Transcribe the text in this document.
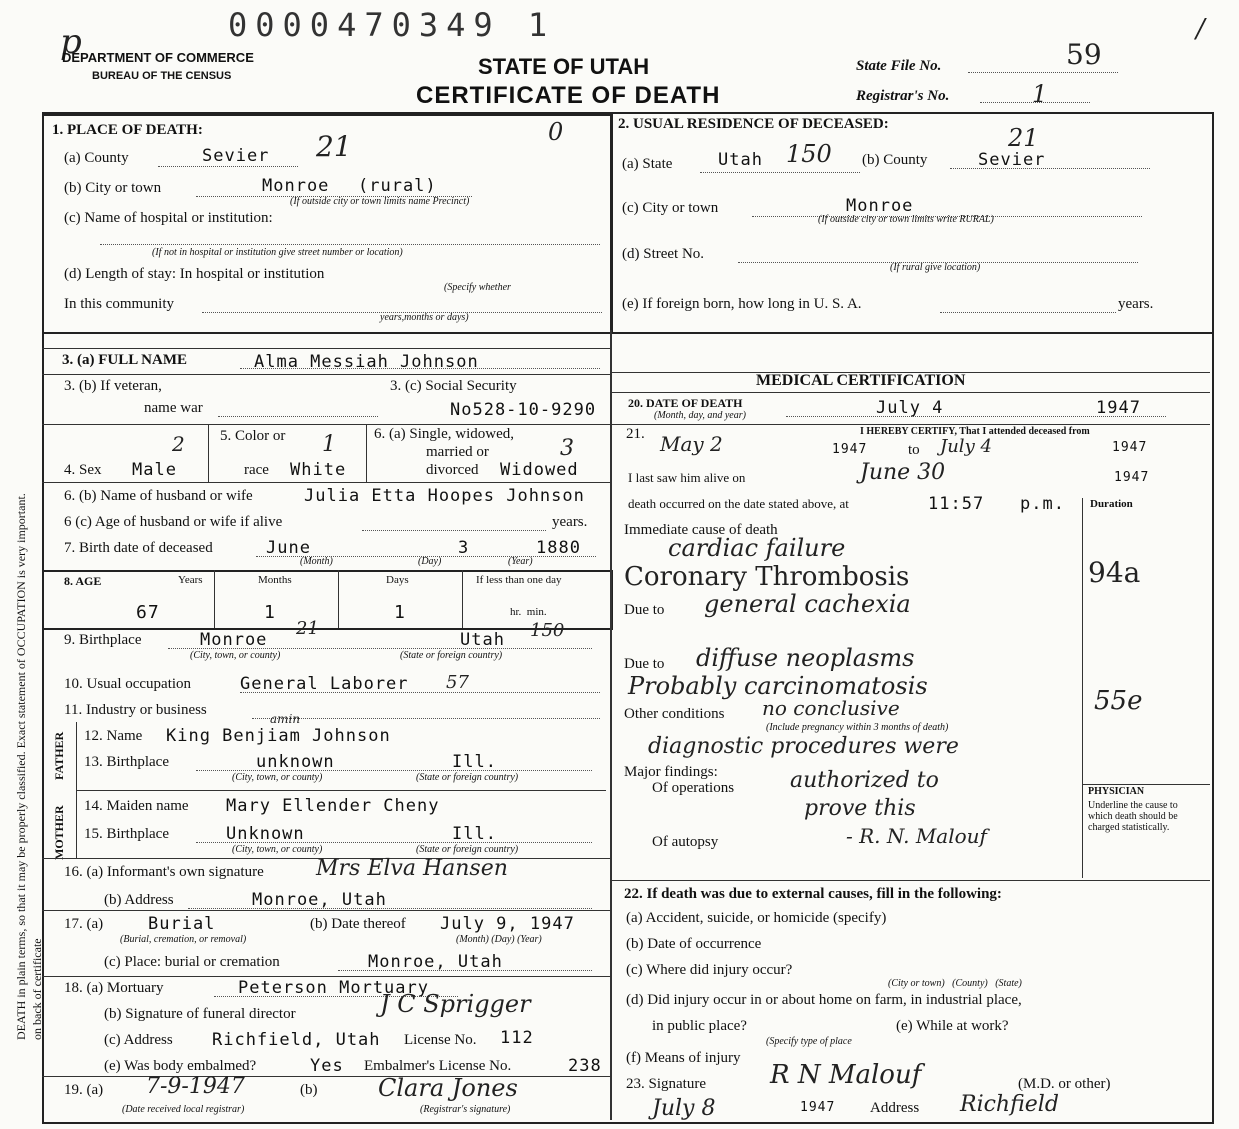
DEATH in plain terms, so that it may be properly classified. Exact statement of OCCUPATION is very important. on back of certificate
0000470349 1
p	/
DEPARTMENT OF COMMERCE
BUREAU OF THE CENSUS	STATE OF UTAH
CERTIFICATE OF DEATH
State File No.	59
Registrar's No.	1
1. PLACE OF DEATH:	0
(a) County	Sevier 21
(b) City or town	Monroe (rural)
(If outside city or town limits name Precinct)
(c) Name of hospital or institution:
(If not in hospital or institution give street number or location)
(d) Length of stay: In hospital or institution
(Specify whether
In this community
years,months or days)
2. USUAL RESIDENCE OF DECEASED:
(a) State	Utah 150 (b) County	Sevier
21
(c) City or town	Monroe
(If outside city or town limits write RURAL)
(d) Street No.
(If rural give location)
(e) If foreign born, how long in U. S. A.	years.
3. (a) FULL NAME	Alma Messiah Johnson
3. (b) If veteran,
name war
3. (c) Social Security
No528-10-9290
4. Sex Male
2 5. Color or
race White
1	6. (a) Single, widowed,
married or
divorced Widowed
3
6. (b) Name of husband or wife	Julia Etta Hoopes Johnson
6 (c) Age of husband or wife if alive	years.
7. Birth date of deceased	June	3	1880
(Month)	(Day)	(Year)
8. AGE	Years	Months	Days	If less than one day
67	1	1	hr.  min.
9. Birthplace	Monroe
21
Utah 150
(City, town, or county)	(State or foreign country)
10. Usual occupation	General Laborer 57
11. Industry or business
FATHER
MOTHER
12. Name King Benjiam Johnson
amin
13. Birthplace	unknown	Ill.
(City, town, or county)	(State or foreign country)
14. Maiden name Mary Ellender Cheny
15. Birthplace	Unknown	Ill.
(City, town, or county)	(State or foreign country)
16. (a) Informant's own signature Mrs Elva Hansen
(b) Address	Monroe, Utah
17. (a)	Burial
(Burial, cremation, or removal)
(b) Date thereof July 9, 1947
(Month) (Day) (Year)
(c) Place: burial or cremation	Monroe, Utah
18. (a) Mortuary	Peterson Mortuary
(b) Signature of funeral director	J C Sprigger
(c) Address Richfield, Utah License No. 112
(e) Was body embalmed?	Yes Embalmer's License No.	238
19. (a) 7-9-1947	(b)	Clara Jones
(Date received local registrar)	(Registrar's signature)
MEDICAL CERTIFICATION
20. DATE OF DEATH
(Month, day, and year)	July 4	1947
21.	I HEREBY CERTIFY, That I attended deceased from
May 2	1947	to July 4	1947
I last saw him alive on	June 30	1947
death occurred on the date stated above, at	11:57 p.m. Duration
Immediate cause of death
cardiac failure
Coronary Thrombosis	94a
Due to general cachexia
Due to diffuse neoplasms
Probably carcinomatosis
Other conditions no conclusive
(Include pregnancy within 3 months of death)
55e
diagnostic procedures were
Major findings:
Of operations	authorized to
prove this
Of autopsy	- R. N. Malouf
PHYSICIAN
Underline the cause to which death should be charged statistically.
22. If death was due to external causes, fill in the following:
(a) Accident, suicide, or homicide (specify)
(b) Date of occurrence
(c) Where did injury occur?
(City or town)   (County)   (State)
(d) Did injury occur in or about home on farm, in industrial place,
in public place?	(e) While at work?
(Specify type of place
(f) Means of injury
23. Signature R N Malouf	(M.D. or other)
July 8	1947 Address Richfield
